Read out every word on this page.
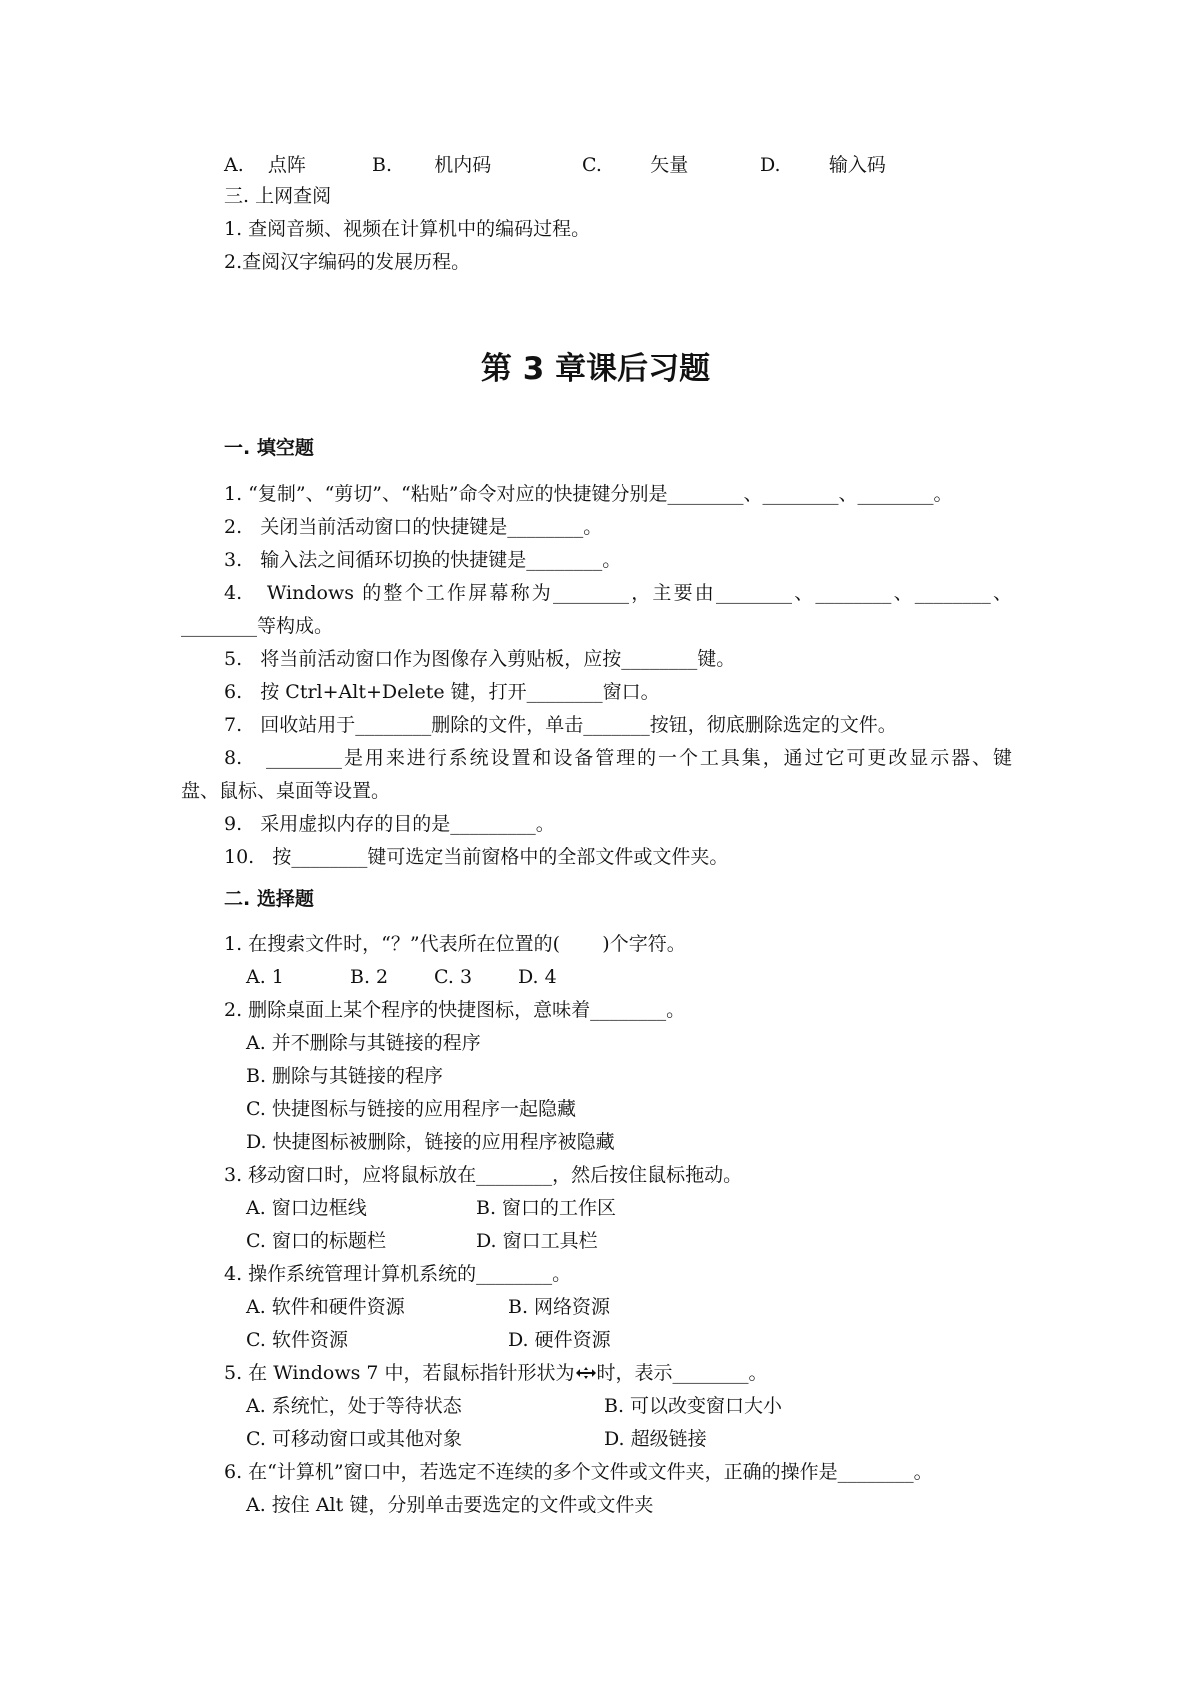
A.    点阵	B.       机内码	C.        矢量	D.        输入码
三. 上网查阅
1. 查阅音频、视频在计算机中的编码过程。
2.查阅汉字编码的发展历程。
第 3 章课后习题
一. 填空题
1. “复制”、“剪切”、“粘贴”命令对应的快捷键分别是________、________、________。
2.   关闭当前活动窗口的快捷键是________。
3.   输入法之间循环切换的快捷键是________。
4.   Windows 的整个工作屏幕称为________，主要由________、________、________、
________等构成。
5.   将当前活动窗口作为图像存入剪贴板，应按________键。
6.   按 Ctrl+Alt+Delete 键，打开________窗口。
7.   回收站用于________删除的文件，单击_______按钮，彻底删除选定的文件。
8.   ________是用来进行系统设置和设备管理的一个工具集，通过它可更改显示器、键
盘、鼠标、桌面等设置。
9.   采用虚拟内存的目的是_________。
10.   按________键可选定当前窗格中的全部文件或文件夹。
二. 选择题
1. 在搜索文件时，“？”代表所在位置的(       )个字符。
A. 1	B. 2 C. 3 D. 4
2. 删除桌面上某个程序的快捷图标，意味着________。
A. 并不删除与其链接的程序
B. 删除与其链接的程序
C. 快捷图标与链接的应用程序一起隐藏
D. 快捷图标被删除，链接的应用程序被隐藏
3. 移动窗口时，应将鼠标放在________，然后按住鼠标拖动。
A. 窗口边框线	B. 窗口的工作区
C. 窗口的标题栏	D. 窗口工具栏
4. 操作系统管理计算机系统的________。
A. 软件和硬件资源	B. 网络资源
C. 软件资源	D. 硬件资源
5. 在 Windows 7 中，若鼠标指针形状为 时，表示________。
A. 系统忙，处于等待状态	B. 可以改变窗口大小
C. 可移动窗口或其他对象	D. 超级链接
6. 在“计算机”窗口中，若选定不连续的多个文件或文件夹，正确的操作是________。
A. 按住 Alt 键，分别单击要选定的文件或文件夹
